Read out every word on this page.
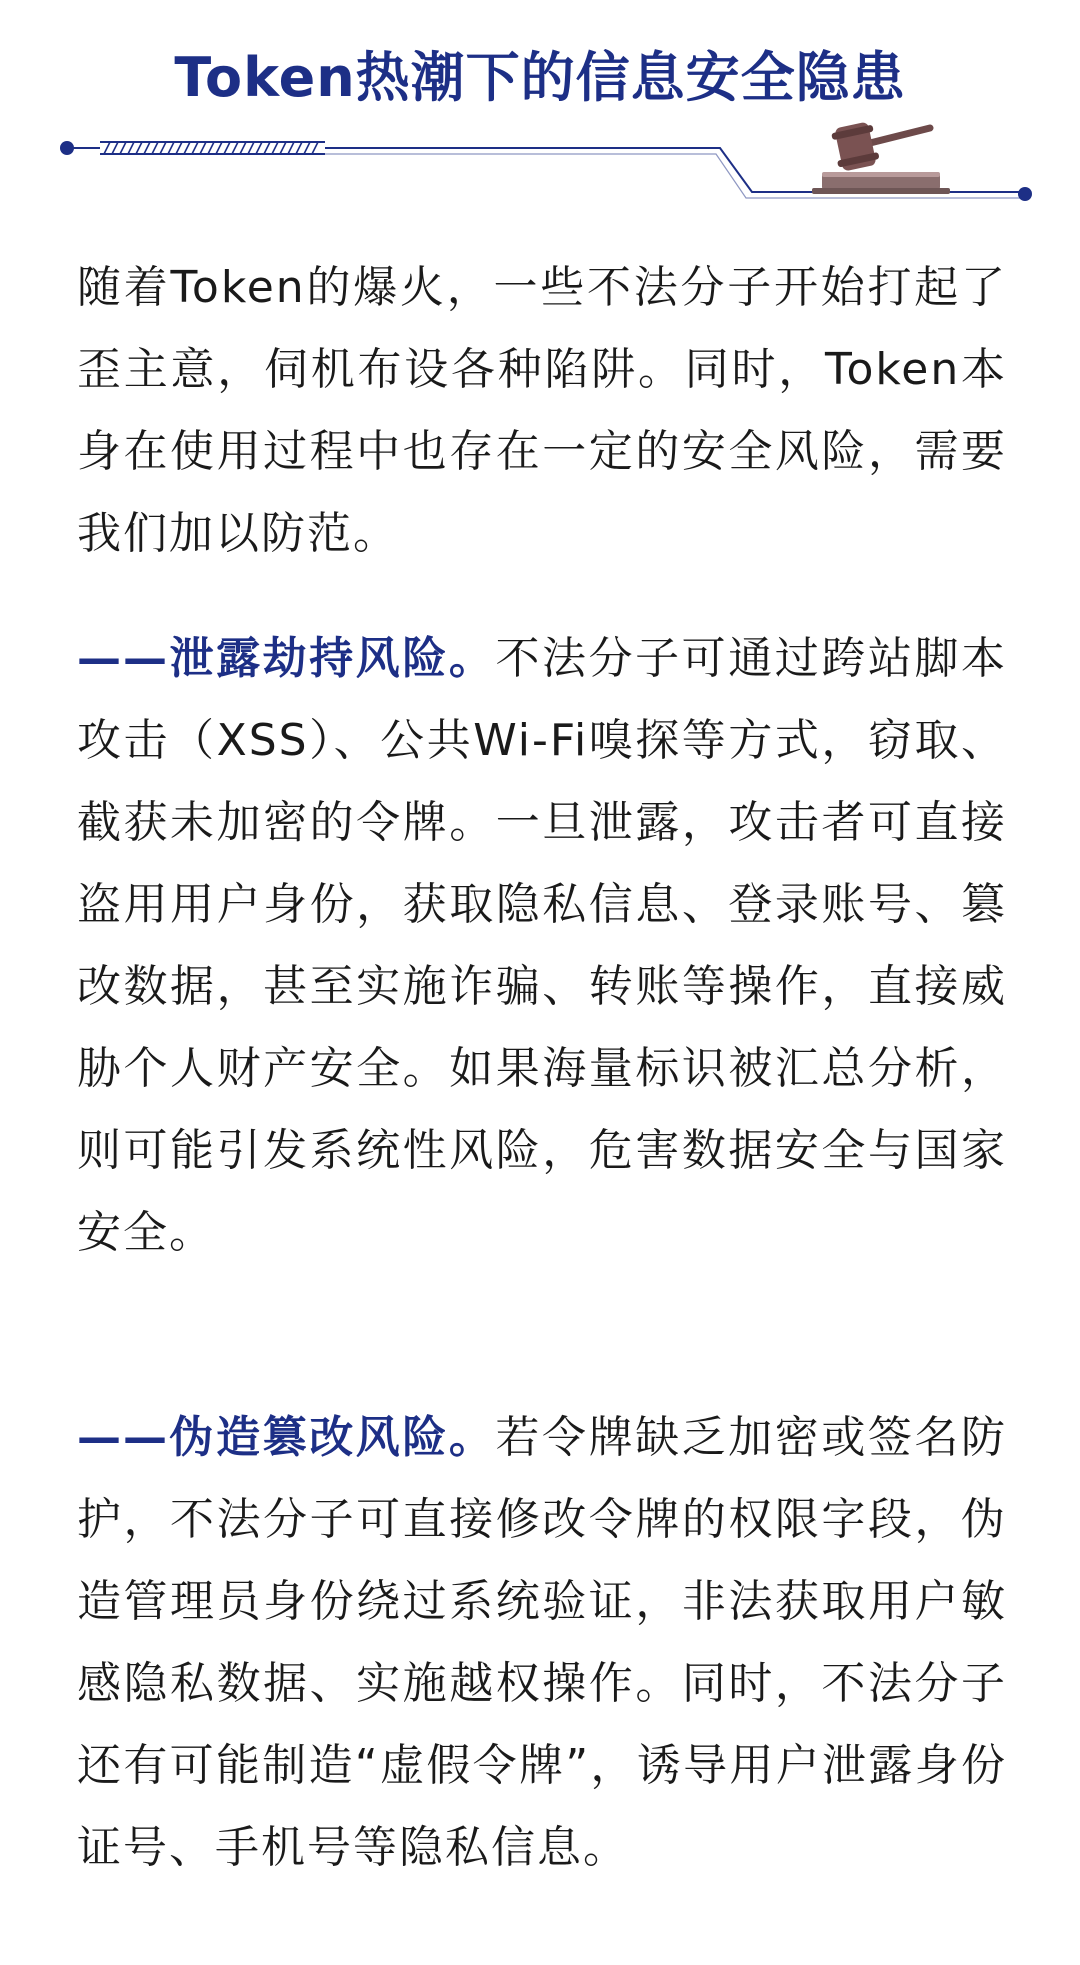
Token热潮下的信息安全隐患

随着Token的爆火，一些不法分子开始打起了歪主意，伺机布设各种陷阱。同时，Token本身在使用过程中也存在一定的安全风险，需要我们加以防范。

——泄露劫持风险。不法分子可通过跨站脚本攻击（XSS）、公共Wi-Fi嗅探等方式，窃取、截获未加密的令牌。一旦泄露，攻击者可直接盗用用户身份，获取隐私信息、登录账号、篡改数据，甚至实施诈骗、转账等操作，直接威胁个人财产安全。如果海量标识被汇总分析，则可能引发系统性风险，危害数据安全与国家安全。

——伪造篡改风险。若令牌缺乏加密或签名防护，不法分子可直接修改令牌的权限字段，伪造管理员身份绕过系统验证，非法获取用户敏感隐私数据、实施越权操作。同时，不法分子还有可能制造“虚假令牌”，诱导用户泄露身份证号、手机号等隐私信息。
